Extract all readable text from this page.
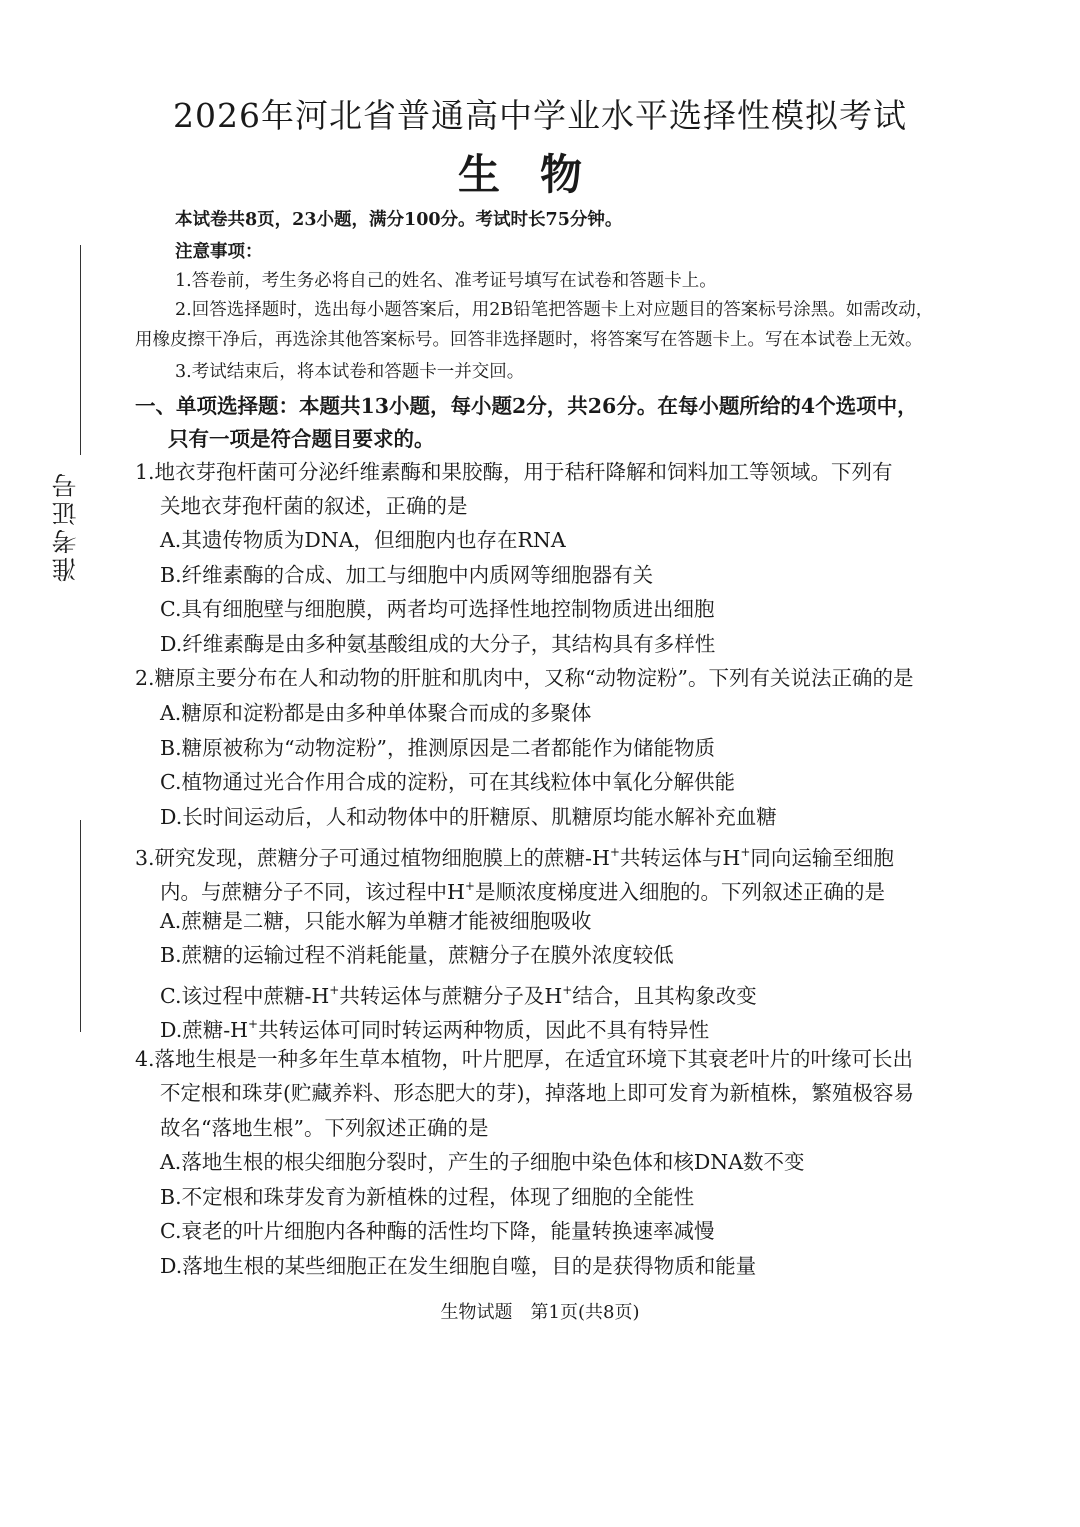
准考证号
2026年河北省普通高中学业水平选择性模拟考试
生物
本试卷共8页，23小题，满分100分。考试时长75分钟。
注意事项：
1.答卷前，考生务必将自己的姓名、准考证号填写在试卷和答题卡上。
2.回答选择题时，选出每小题答案后，用2B铅笔把答题卡上对应题目的答案标号涂黑。如需改动，
用橡皮擦干净后，再选涂其他答案标号。回答非选择题时，将答案写在答题卡上。写在本试卷上无效。
3.考试结束后，将本试卷和答题卡一并交回。
一、单项选择题：本题共13小题，每小题2分，共26分。在每小题所给的4个选项中，
只有一项是符合题目要求的。
1.地衣芽孢杆菌可分泌纤维素酶和果胶酶，用于秸秆降解和饲料加工等领域。下列有
关地衣芽孢杆菌的叙述，正确的是
A.其遗传物质为DNA，但细胞内也存在RNA
B.纤维素酶的合成、加工与细胞中内质网等细胞器有关
C.具有细胞壁与细胞膜，两者均可选择性地控制物质进出细胞
D.纤维素酶是由多种氨基酸组成的大分子，其结构具有多样性
2.糖原主要分布在人和动物的肝脏和肌肉中，又称“动物淀粉”。下列有关说法正确的是
A.糖原和淀粉都是由多种单体聚合而成的多聚体
B.糖原被称为“动物淀粉”，推测原因是二者都能作为储能物质
C.植物通过光合作用合成的淀粉，可在其线粒体中氧化分解供能
D.长时间运动后，人和动物体中的肝糖原、肌糖原均能水解补充血糖
3.研究发现，蔗糖分子可通过植物细胞膜上的蔗糖-H+共转运体与H+同向运输至细胞
内。与蔗糖分子不同，该过程中H+是顺浓度梯度进入细胞的。下列叙述正确的是
A.蔗糖是二糖，只能水解为单糖才能被细胞吸收
B.蔗糖的运输过程不消耗能量，蔗糖分子在膜外浓度较低
C.该过程中蔗糖-H+共转运体与蔗糖分子及H+结合，且其构象改变
D.蔗糖-H+共转运体可同时转运两种物质，因此不具有特异性
4.落地生根是一种多年生草本植物，叶片肥厚，在适宜环境下其衰老叶片的叶缘可长出
不定根和珠芽(贮藏养料、形态肥大的芽)，掉落地上即可发育为新植株，繁殖极容易
故名“落地生根”。下列叙述正确的是
A.落地生根的根尖细胞分裂时，产生的子细胞中染色体和核DNA数不变
B.不定根和珠芽发育为新植株的过程，体现了细胞的全能性
C.衰老的叶片细胞内各种酶的活性均下降，能量转换速率减慢
D.落地生根的某些细胞正在发生细胞自噬，目的是获得物质和能量
生物试题　第1页(共8页)
